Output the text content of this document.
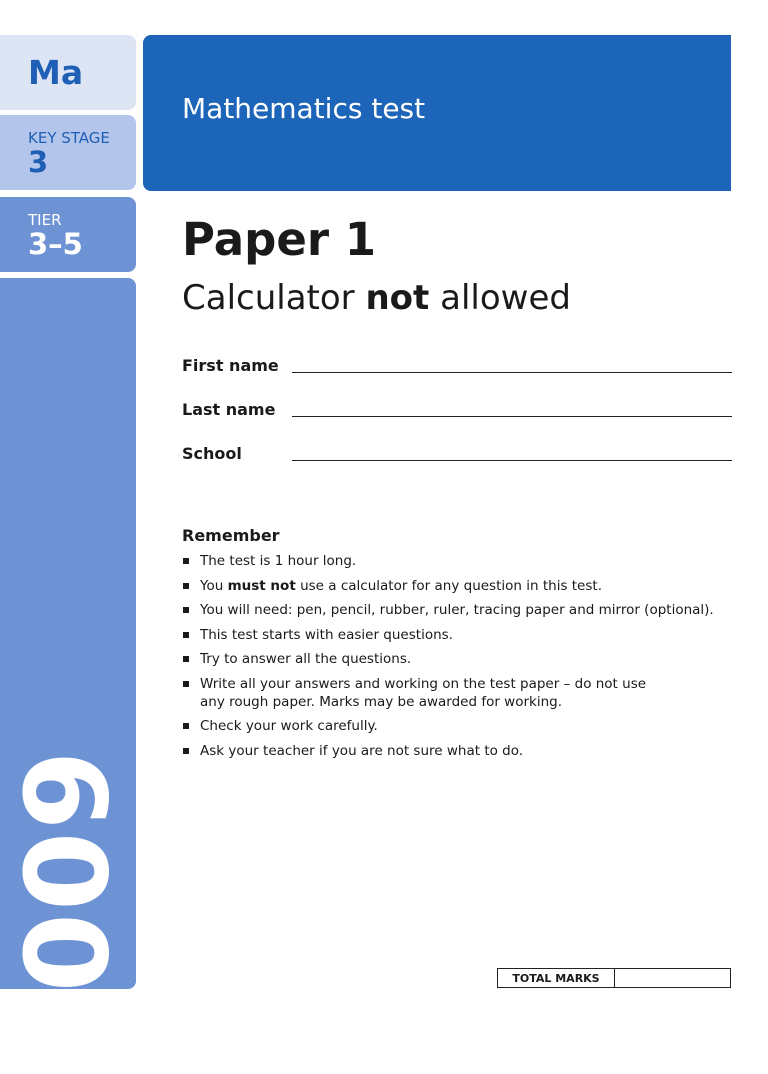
Ma
KEY STAGE
3
TIER
3–5
2009
Mathematics test
Paper 1
Calculator not allowed
First name
Last name
School
Remember
The test is 1 hour long.
You must not use a calculator for any question in this test.
You will need: pen, pencil, rubber, ruler, tracing paper and mirror (optional).
This test starts with easier questions.
Try to answer all the questions.
Write all your answers and working on the test paper – do not use
any rough paper. Marks may be awarded for working.
Check your work carefully.
Ask your teacher if you are not sure what to do.
TOTAL MARKS
